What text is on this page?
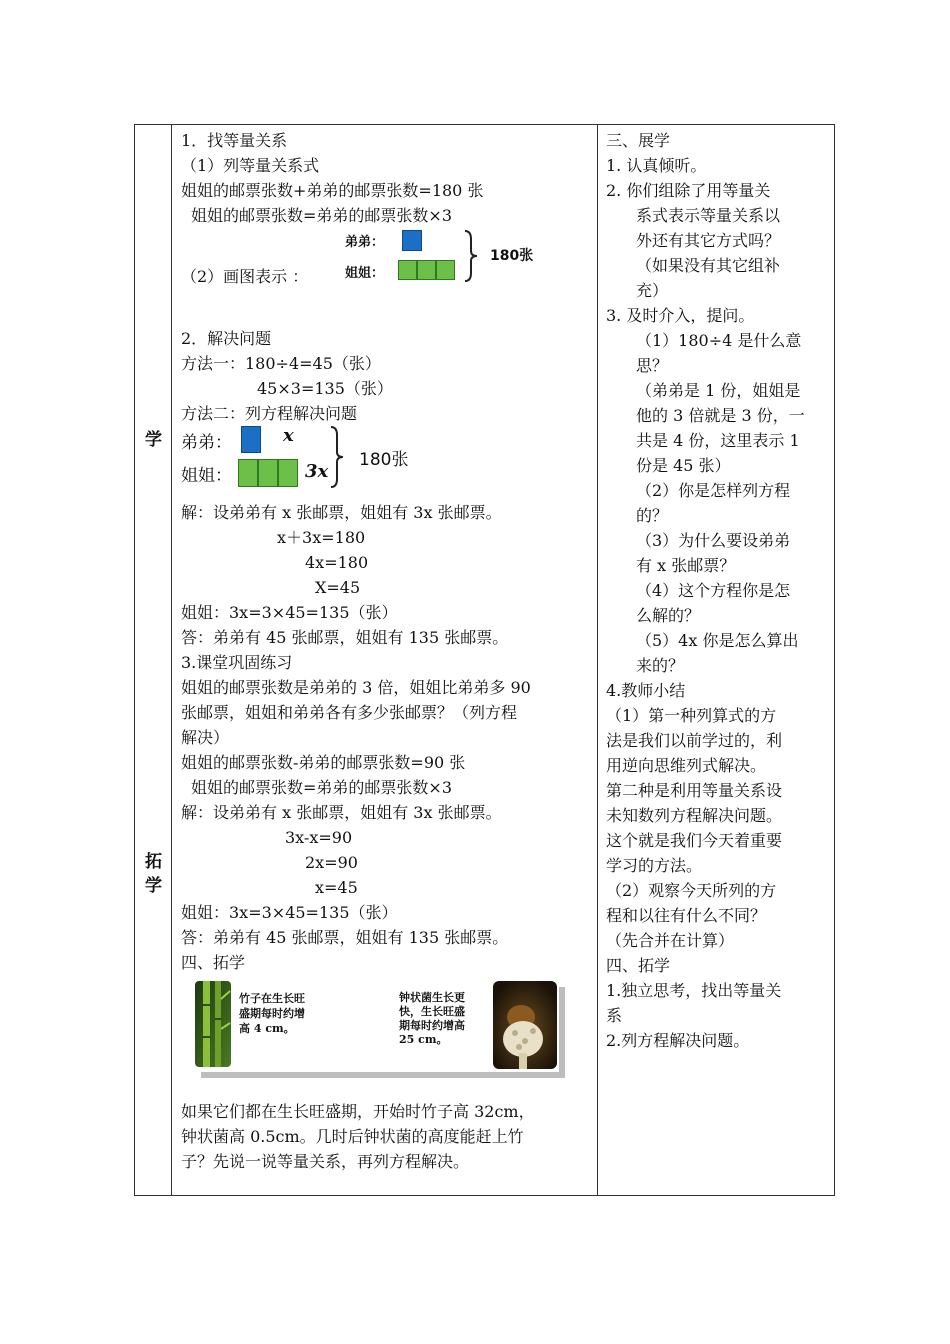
学
拓
学
1．找等量关系
（1）列等量关系式
姐姐的邮票张数+弟弟的邮票张数=180 张
姐姐的邮票张数=弟弟的邮票张数×3
（2）画图表示 ：
弟弟：
姐姐：
180张
2．解决问题
方法一：180÷4=45（张）
45×3=135（张）
方法二：列方程解决问题
弟弟：	x
姐姐：	3x
180张
解：设弟弟有 x 张邮票，姐姐有 3x 张邮票。
x＋3x=180
4x=180
X=45
姐姐：3x=3×45=135（张）
答：弟弟有 45 张邮票，姐姐有 135 张邮票。
3.课堂巩固练习
姐姐的邮票张数是弟弟的 3 倍，姐姐比弟弟多 90
张邮票，姐姐和弟弟各有多少张邮票？（列方程
解决）
姐姐的邮票张数-弟弟的邮票张数=90 张
姐姐的邮票张数=弟弟的邮票张数×3
解：设弟弟有 x 张邮票，姐姐有 3x 张邮票。
3x-x=90
2x=90
x=45
姐姐：3x=3×45=135（张）
答：弟弟有 45 张邮票，姐姐有 135 张邮票。
四、拓学
竹子在生长旺
盛期每时约增
高 4 cm。
钟状菌生长更
快，生长旺盛
期每时约增高
25 cm。
如果它们都在生长旺盛期，开始时竹子高 32cm，
钟状菌高 0.5cm。几时后钟状菌的高度能赶上竹
子？先说一说等量关系，再列方程解决。
三、展学
1. 认真倾听。
2. 你们组除了用等量关
系式表示等量关系以
外还有其它方式吗？
（如果没有其它组补
充）
3. 及时介入，提问。
（1）180÷4 是什么意
思？
（弟弟是 1 份，姐姐是
他的 3 倍就是 3 份，一
共是 4 份，这里表示 1
份是 45 张）
（2）你是怎样列方程
的？
（3）为什么要设弟弟
有 x 张邮票？
（4）这个方程你是怎
么解的？
（5）4x 你是怎么算出
来的？
4.教师小结
（1）第一种列算式的方
法是我们以前学过的，利
用逆向思维列式解决。
第二种是利用等量关系设
未知数列方程解决问题。
这个就是我们今天着重要
学习的方法。
（2）观察今天所列的方
程和以往有什么不同？
（先合并在计算）
四、拓学
1.独立思考，找出等量关
系
2.列方程解决问题。
